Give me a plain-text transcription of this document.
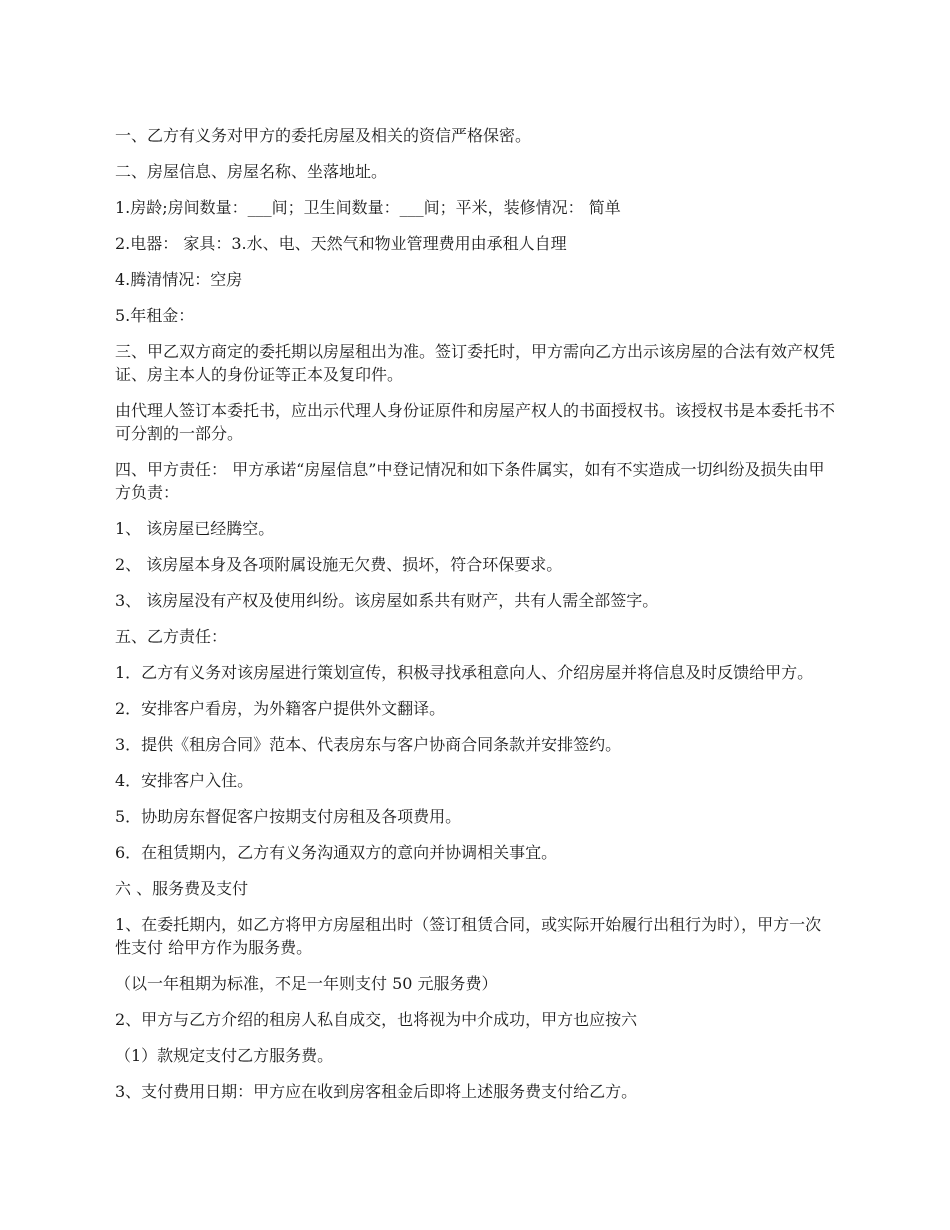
一、乙方有义务对甲方的委托房屋及相关的资信严格保密。

二、房屋信息、房屋名称、坐落地址。

1.房龄;房间数量：___间；卫生间数量：___间；平米，装修情况： 简单

2.电器： 家具：3.水、电、天然气和物业管理费用由承租人自理

4.腾清情况：空房

5.年租金：

三、甲乙双方商定的委托期以房屋租出为准。签订委托时，甲方需向乙方出示该房屋的合法有效产权凭证、房主本人的身份证等正本及复印件。

由代理人签订本委托书，应出示代理人身份证原件和房屋产权人的书面授权书。该授权书是本委托书不可分割的一部分。

四、甲方责任： 甲方承诺“房屋信息”中登记情况和如下条件属实，如有不实造成一切纠纷及损失由甲方负责：

1、 该房屋已经腾空。

2、 该房屋本身及各项附属设施无欠费、损坏，符合环保要求。

3、 该房屋没有产权及使用纠纷。该房屋如系共有财产，共有人需全部签字。

五、乙方责任：

1．乙方有义务对该房屋进行策划宣传，积极寻找承租意向人、介绍房屋并将信息及时反馈给甲方。

2．安排客户看房，为外籍客户提供外文翻译。

3．提供《租房合同》范本、代表房东与客户协商合同条款并安排签约。

4．安排客户入住。

5．协助房东督促客户按期支付房租及各项费用。

6．在租赁期内，乙方有义务沟通双方的意向并协调相关事宜。

六 、服务费及支付

1、在委托期内，如乙方将甲方房屋租出时（签订租赁合同，或实际开始履行出租行为时），甲方一次性支付 给甲方作为服务费。

（以一年租期为标准，不足一年则支付 50 元服务费）

2、甲方与乙方介绍的租房人私自成交，也将视为中介成功，甲方也应按六

（1）款规定支付乙方服务费。

3、支付费用日期：甲方应在收到房客租金后即将上述服务费支付给乙方。
